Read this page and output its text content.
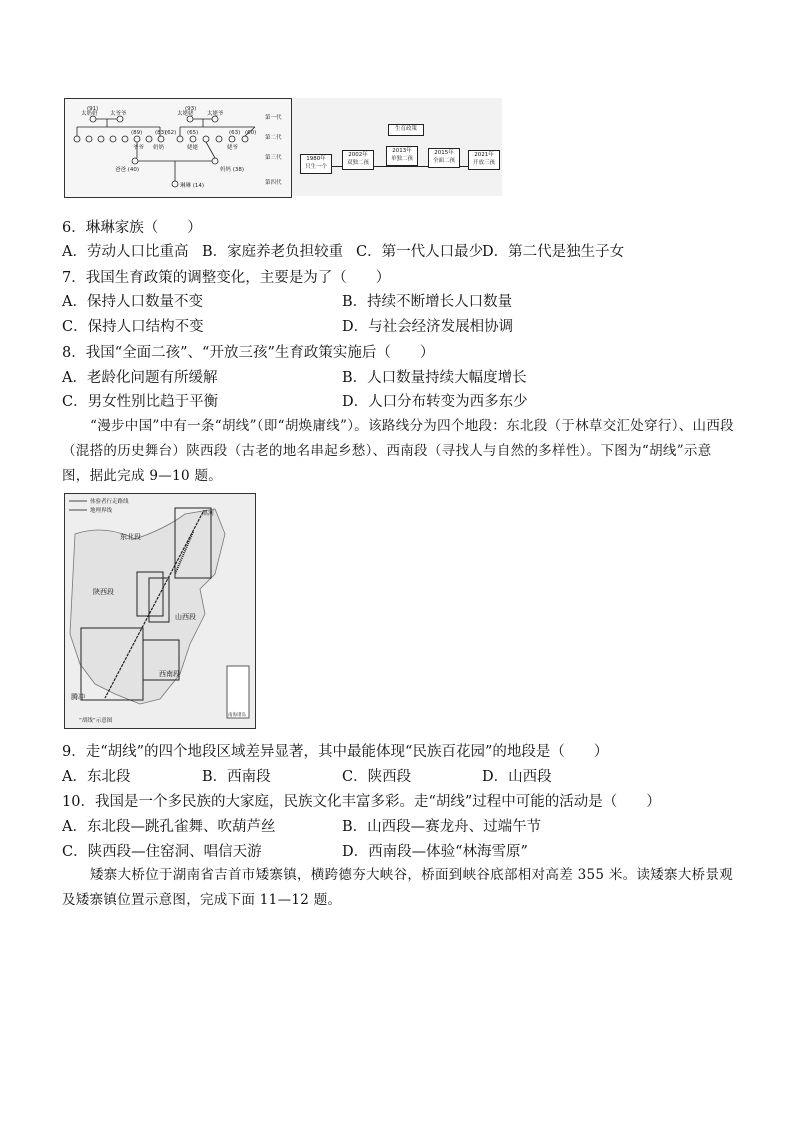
第一代
第二代
第三代
第四代
(91)
太奶奶 太爷爷
(93)
太姥姥 太姥爷
(89) (83)
爷爷 奶奶
(65)	(63)
姥姥	姥爷
(62)	(60)
爸爸 (40)	妈妈 (38)
琳琳 (14)
生育政策
1980年
只生一个
2002年
双独二孩
2013年
单独二孩
2015年
全面二孩
2021年
开放三孩
6．琳琳家族（　　）
A．劳动人口比重高 B．家庭养老负担较重 C．第一代人口最少
D．第二代是独生子女
7．我国生育政策的调整变化，主要是为了（　　）
A．保持人口数量不变	B．持续不断增长人口数量
C．保持人口结构不变	D．与社会经济发展相协调
8．我国“全面二孩”、“开放三孩”生育政策实施后（　　）
A．老龄化问题有所缓解	B．人口数量持续大幅度增长
C．男女性别比趋于平衡	D．人口分布转变为西多东少
“漫步中国”中有一条“胡线”（即“胡焕庸线”）。该路线分为四个地段：东北段（于林草交汇处穿行）、山西段（混搭的历史舞台）陕西段（古老的地名串起乡愁）、西南段（寻找人与自然的多样性）。下图为“胡线”示意图，据此完成 9—10 题。
体验者行走路线
地理界线	黑河
东北段
陕西段
山西段
西南段
腾冲
“胡线”示意图
南海诸岛
9．走“胡线”的四个地段区域差异显著，其中最能体现“民族百花园”的地段是（　　）
A．东北段	B．西南段	C．陕西段	D．山西段
10．我国是一个多民族的大家庭，民族文化丰富多彩。走“胡线”过程中可能的活动是（　　）
A．东北段—跳孔雀舞、吹葫芦丝	B．山西段—赛龙舟、过端午节
C．陕西段—住窑洞、唱信天游	D．西南段—体验“林海雪原”
矮寨大桥位于湖南省吉首市矮寨镇，横跨德夯大峡谷，桥面到峡谷底部相对高差 355 米。读矮寨大桥景观及矮寨镇位置示意图，完成下面 11—12 题。
